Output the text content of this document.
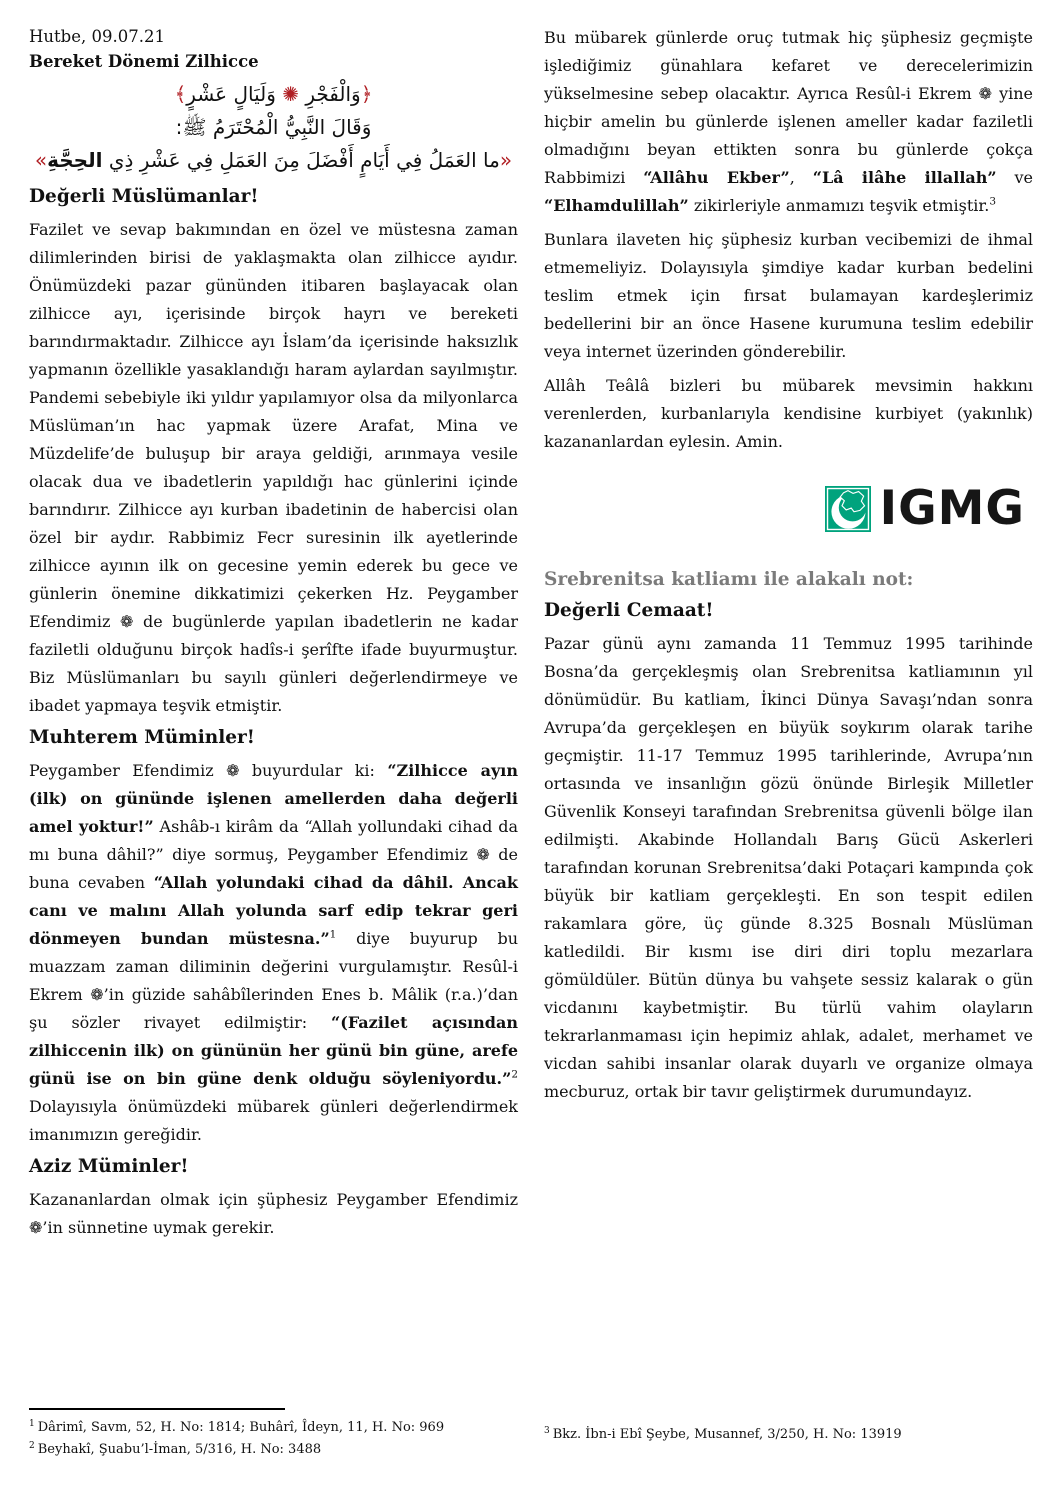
Hutbe, 09.07.21

Bereket Dönemi Zilhicce

﴿وَالْفَجْرِ ✺ وَلَيَالٍ عَشْرٍ﴾

وَقَالَ النَّبِيُّ الْمُحْتَرَمُ ﷺ:

«ما العَمَلُ فِي أَيَامٍ أَفْضَلَ مِنَ العَمَلِ فِي عَشْرِ ذِي الحِجَّةِ»

Değerli Müslümanlar!

Fazilet ve sevap bakımından en özel ve müstesna zaman dilimlerinden birisi de yaklaşmakta olan zilhicce ayıdır. Önümüzdeki pazar gününden itibaren başlayacak olan zilhicce ayı, içerisinde birçok hayrı ve bereketi barındırmaktadır. Zilhicce ayı İslam’da içerisinde haksızlık yapmanın özellikle yasaklandığı haram aylardan sayılmıştır. Pandemi sebebiyle iki yıldır yapılamıyor olsa da milyonlarca Müslüman’ın hac yapmak üzere Arafat, Mina ve Müzdelife’de buluşup bir araya geldiği, arınmaya vesile olacak dua ve ibadetlerin yapıldığı hac günlerini içinde barındırır. Zilhicce ayı kurban ibadetinin de habercisi olan özel bir aydır. Rabbimiz Fecr suresinin ilk ayetlerinde zilhicce ayının ilk on gecesine yemin ederek bu gece ve günlerin önemine dikkatimizi çekerken Hz. Peygamber Efendimiz ❁ de bugünlerde yapılan ibadetlerin ne kadar faziletli olduğunu birçok hadîs-i şerîfte ifade buyurmuştur. Biz Müslümanları bu sayılı günleri değerlendirmeye ve ibadet yapmaya teşvik etmiştir.

Muhterem Müminler!

Peygamber Efendimiz ❁ buyurdular ki: “Zilhicce ayın (ilk) on gününde işlenen amellerden daha değerli amel yoktur!” Ashâb-ı kirâm da “Allah yollundaki cihad da mı buna dâhil?” diye sormuş, Peygamber Efendimiz ❁ de buna cevaben “Allah yolundaki cihad da dâhil. Ancak canı ve malını Allah yolunda sarf edip tekrar geri dönmeyen bundan müstesna.”$^1$ diye buyurup bu muazzam zaman diliminin değerini vurgulamıştır. Resûl-i Ekrem ❁’in güzide sahâbîlerinden Enes b. Mâlik (r.a.)’dan şu sözler rivayet edilmiştir: “(Fazilet açısından zilhiccenin ilk) on gününün her günü bin güne, arefe günü ise on bin güne denk olduğu söyleniyordu.”$^2$ Dolayısıyla önümüzdeki mübarek günleri değerlendirmek imanımızın gereğidir.

Aziz Müminler!

Kazananlardan olmak için şüphesiz Peygamber Efendimiz ❁’in sünnetine uymak gerekir.

Bu mübarek günlerde oruç tutmak hiç şüphesiz geçmişte işlediğimiz günahlara kefaret ve derecelerimizin yükselmesine sebep olacaktır. Ayrıca Resûl-i Ekrem ❁ yine hiçbir amelin bu günlerde işlenen ameller kadar faziletli olmadığını beyan ettikten sonra bu günlerde çokça Rabbimizi “Allâhu Ekber”, “Lâ ilâhe illallah” ve “Elhamdulillah” zikirleriyle anmamızı teşvik etmiştir.$^3$

Bunlara ilaveten hiç şüphesiz kurban vecibemizi de ihmal etmemeliyiz. Dolayısıyla şimdiye kadar kurban bedelini teslim etmek için fırsat bulamayan kardeşlerimiz bedellerini bir an önce Hasene kurumuna teslim edebilir veya internet üzerinden gönderebilir.

Allâh Teâlâ bizleri bu mübarek mevsimin hakkını verenlerden, kurbanlarıyla kendisine kurbiyet (yakınlık) kazananlardan eylesin. Amin.

IGMG
Srebrenitsa katliamı ile alakalı not:
Değerli Cemaat!

Pazar günü aynı zamanda 11 Temmuz 1995 tarihinde Bosna’da gerçekleşmiş olan Srebrenitsa katliamının yıl dönümüdür. Bu katliam, İkinci Dünya Savaşı’ndan sonra Avrupa’da gerçekleşen en büyük soykırım olarak tarihe geçmiştir. 11-17 Temmuz 1995 tarihlerinde, Avrupa’nın ortasında ve insanlığın gözü önünde Birleşik Milletler Güvenlik Konseyi tarafından Srebrenitsa güvenli bölge ilan edilmişti. Akabinde Hollandalı Barış Gücü Askerleri tarafından korunan Srebrenitsa’daki Potaçari kampında çok büyük bir katliam gerçekleşti. En son tespit edilen rakamlara göre, üç günde 8.325 Bosnalı Müslüman katledildi. Bir kısmı ise diri diri toplu mezarlara gömüldüler. Bütün dünya bu vahşete sessiz kalarak o gün vicdanını kaybetmiştir. Bu türlü vahim olayların tekrarlanmaması için hepimiz ahlak, adalet, merhamet ve vicdan sahibi insanlar olarak duyarlı ve organize olmaya mecburuz, ortak bir tavır geliştirmek durumundayız.

$^1$ Dârimî, Savm, 52, H. No: 1814; Buhârî, Îdeyn, 11, H. No: 969

$^2$ Beyhakî, Şuabu’l-İman, 5/316, H. No: 3488

$^3$ Bkz. İbn-i Ebî Şeybe, Musannef, 3/250, H. No: 13919
